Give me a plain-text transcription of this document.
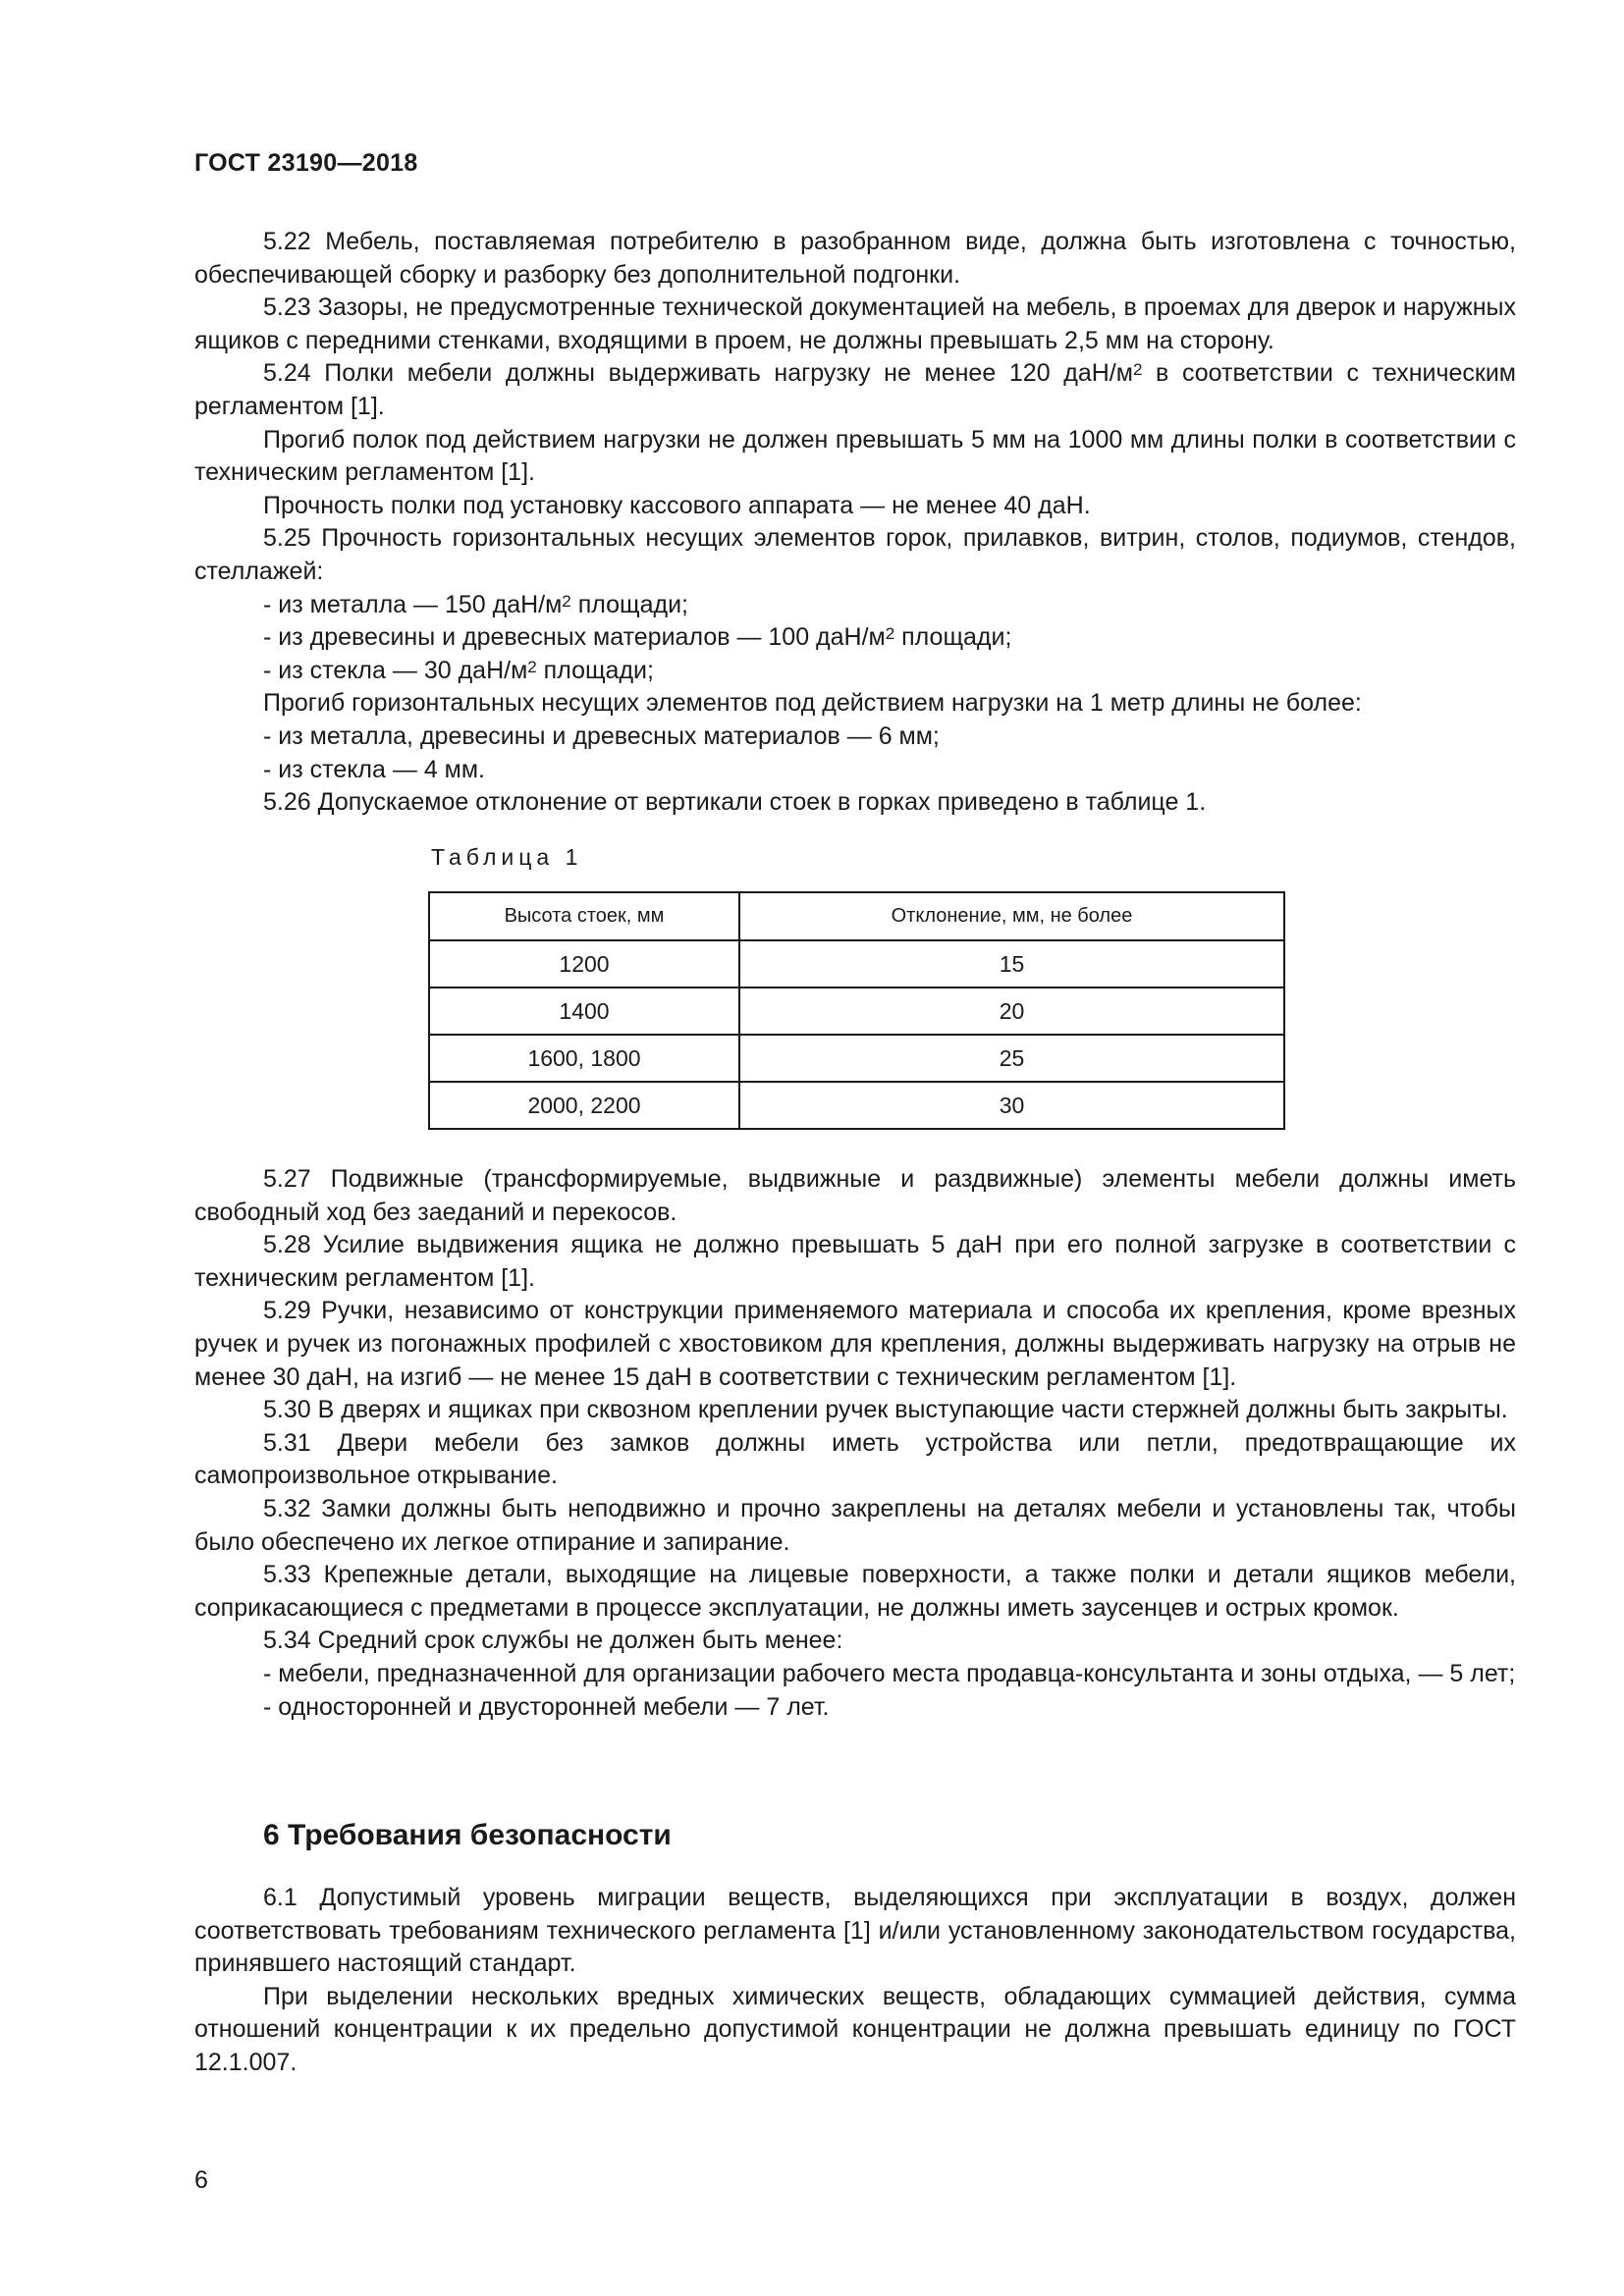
ГОСТ 23190—2018

5.22 Мебель, поставляемая потребителю в разобранном виде, должна быть изготовлена с точностью, обеспечивающей сборку и разборку без дополнительной подгонки.

5.23 Зазоры, не предусмотренные технической документацией на мебель, в проемах для дверок и наружных ящиков с передними стенками, входящими в проем, не должны превышать 2,5 мм на сторону.

5.24 Полки мебели должны выдерживать нагрузку не менее 120 даН/$м^2$ в соответствии с техническим регламентом [1].

Прогиб полок под действием нагрузки не должен превышать 5 мм на 1000 мм длины полки в соответствии с техническим регламентом [1].

Прочность полки под установку кассового аппарата — не менее 40 даН.

5.25 Прочность горизонтальных несущих элементов горок, прилавков, витрин, столов, подиумов, стендов, стеллажей:

- из металла — 150 даН/$м^2$ площади;

- из древесины и древесных материалов — 100 даН/$м^2$ площади;

- из стекла — 30 даН/$м^2$ площади;

Прогиб горизонтальных несущих элементов под действием нагрузки на 1 метр длины не более:

- из металла, древесины и древесных материалов — 6 мм;

- из стекла — 4 мм.

5.26 Допускаемое отклонение от вертикали стоек в горках приведено в таблице 1.

Таблица 1
Высота стоек, мм	Отклонение, мм, не более
1200	15
1400	20
1600, 1800	25
2000, 2200	30

5.27 Подвижные (трансформируемые, выдвижные и раздвижные) элементы мебели должны иметь свободный ход без заеданий и перекосов.

5.28 Усилие выдвижения ящика не должно превышать 5 даН при его полной загрузке в соответствии с техническим регламентом [1].

5.29 Ручки, независимо от конструкции применяемого материала и способа их крепления, кроме врезных ручек и ручек из погонажных профилей с хвостовиком для крепления, должны выдерживать нагрузку на отрыв не менее 30 даН, на изгиб — не менее 15 даН в соответствии с техническим регламентом [1].

5.30 В дверях и ящиках при сквозном креплении ручек выступающие части стержней должны быть закрыты.

5.31 Двери мебели без замков должны иметь устройства или петли, предотвращающие их самопроизвольное открывание.

5.32 Замки должны быть неподвижно и прочно закреплены на деталях мебели и установлены так, чтобы было обеспечено их легкое отпирание и запирание.

5.33 Крепежные детали, выходящие на лицевые поверхности, а также полки и детали ящиков мебели, соприкасающиеся с предметами в процессе эксплуатации, не должны иметь заусенцев и острых кромок.

5.34 Средний срок службы не должен быть менее:

- мебели, предназначенной для организации рабочего места продавца-консультанта и зоны отдыха, — 5 лет;

- односторонней и двусторонней мебели — 7 лет.

6 Требования безопасности

6.1 Допустимый уровень миграции веществ, выделяющихся при эксплуатации в воздух, должен соответствовать требованиям технического регламента [1] и/или установленному законодательством государства, принявшего настоящий стандарт.

При выделении нескольких вредных химических веществ, обладающих суммацией действия, сумма отношений концентрации к их предельно допустимой концентрации не должна превышать единицу по ГОСТ 12.1.007.

6
